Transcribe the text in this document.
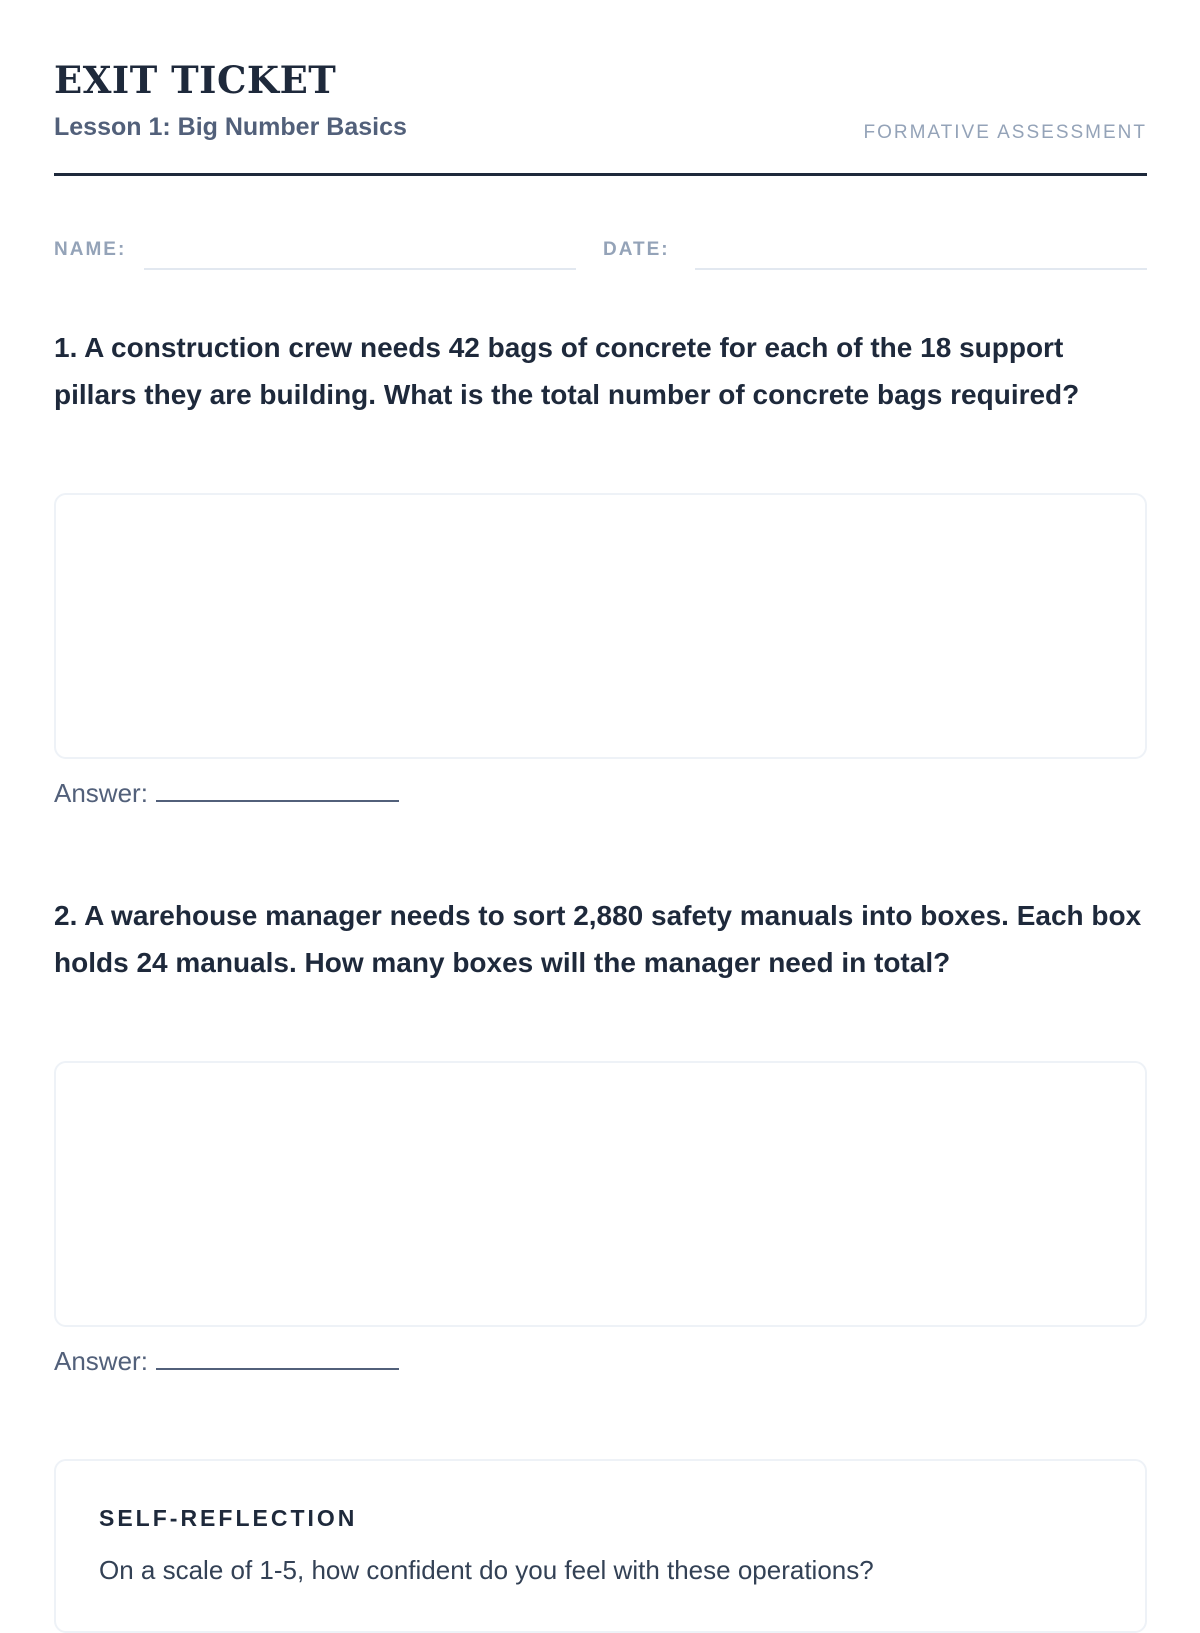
EXIT TICKET
Lesson 1: Big Number Basics	FORMATIVE ASSESSMENT
NAME:	DATE:

1. A construction crew needs 42 bags of concrete for each of the 18 support pillars they are building. What is the total number of concrete bags required?

Answer:

2. A warehouse manager needs to sort 2,880 safety manuals into boxes. Each box holds 24 manuals. How many boxes will the manager need in total?

Answer:
SELF-REFLECTION
On a scale of 1-5, how confident do you feel with these operations?
